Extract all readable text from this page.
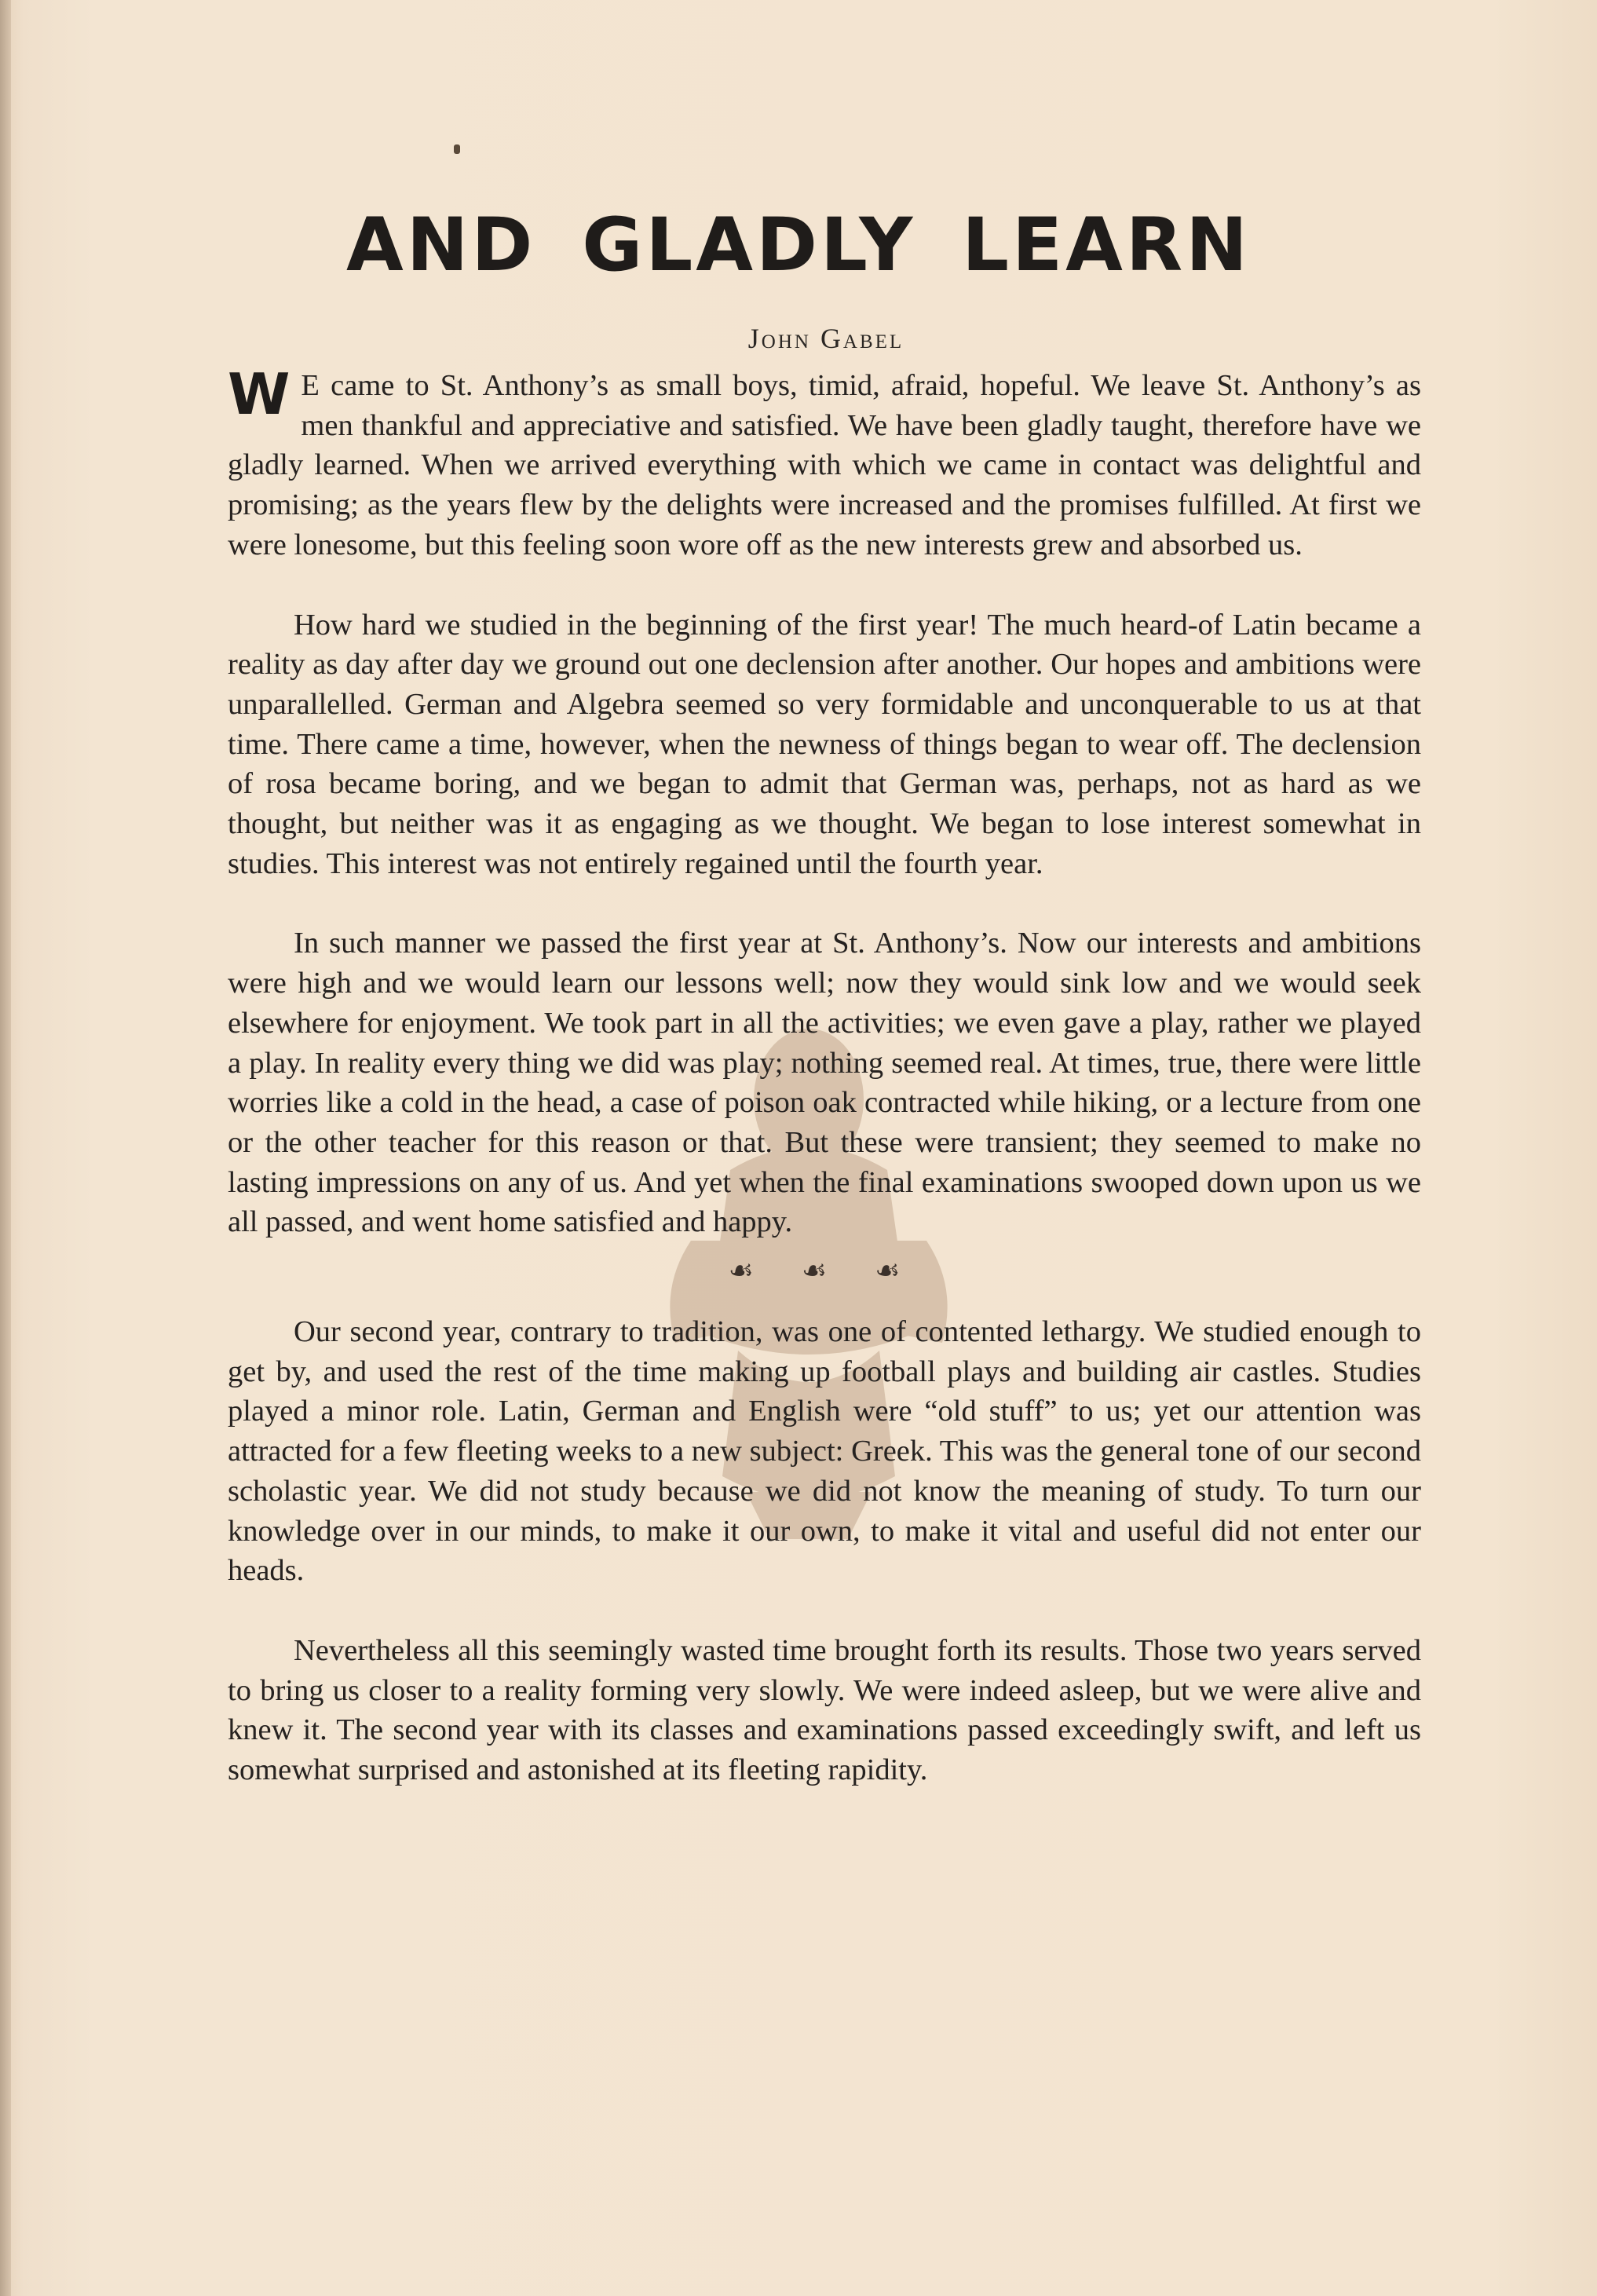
AND GLADLY LEARN
John Gabel

W E came to St. Anthony’s as small boys, timid, afraid, hopeful. We leave St. Anthony’s as men thankful and appreciative and satisfied. We have been gladly taught, therefore have we gladly learned. When we arrived everything with which we came in contact was delightful and promising; as the years flew by the delights were increased and the promises fulfilled. At first we were lonesome, but this feeling soon wore off as the new interests grew and absorbed us.

How hard we studied in the beginning of the first year! The much heard-of Latin became a reality as day after day we ground out one declension after another. Our hopes and ambitions were unparallelled. German and Algebra seemed so very formidable and unconquerable to us at that time. There came a time, however, when the newness of things began to wear off. The declension of rosa became boring, and we began to admit that German was, perhaps, not as hard as we thought, but neither was it as engaging as we thought. We began to lose interest somewhat in studies. This interest was not entirely regained until the fourth year.

In such manner we passed the first year at St. Anthony’s. Now our interests and ambitions were high and we would learn our lessons well; now they would sink low and we would seek elsewhere for enjoyment. We took part in all the activities; we even gave a play, rather we played a play. In reality every thing we did was play; nothing seemed real. At times, true, there were little worries like a cold in the head, a case of poison oak contracted while hiking, or a lecture from one or the other teacher for this reason or that. But these were transient; they seemed to make no lasting impressions on any of us. And yet when the final examinations swooped down upon us we all passed, and went home satisfied and happy.

☙ ☙ ☙

Our second year, contrary to tradition, was one of contented lethargy. We studied enough to get by, and used the rest of the time making up football plays and building air castles. Studies played a minor role. Latin, German and English were “old stuff” to us; yet our attention was attracted for a few fleeting weeks to a new subject: Greek. This was the general tone of our second scholastic year. We did not study because we did not know the meaning of study. To turn our knowledge over in our minds, to make it our own, to make it vital and useful did not enter our heads.

Nevertheless all this seemingly wasted time brought forth its results. Those two years served to bring us closer to a reality forming very slowly. We were indeed asleep, but we were alive and knew it. The second year with its classes and examinations passed exceedingly swift, and left us somewhat surprised and astonished at its fleeting rapidity.
